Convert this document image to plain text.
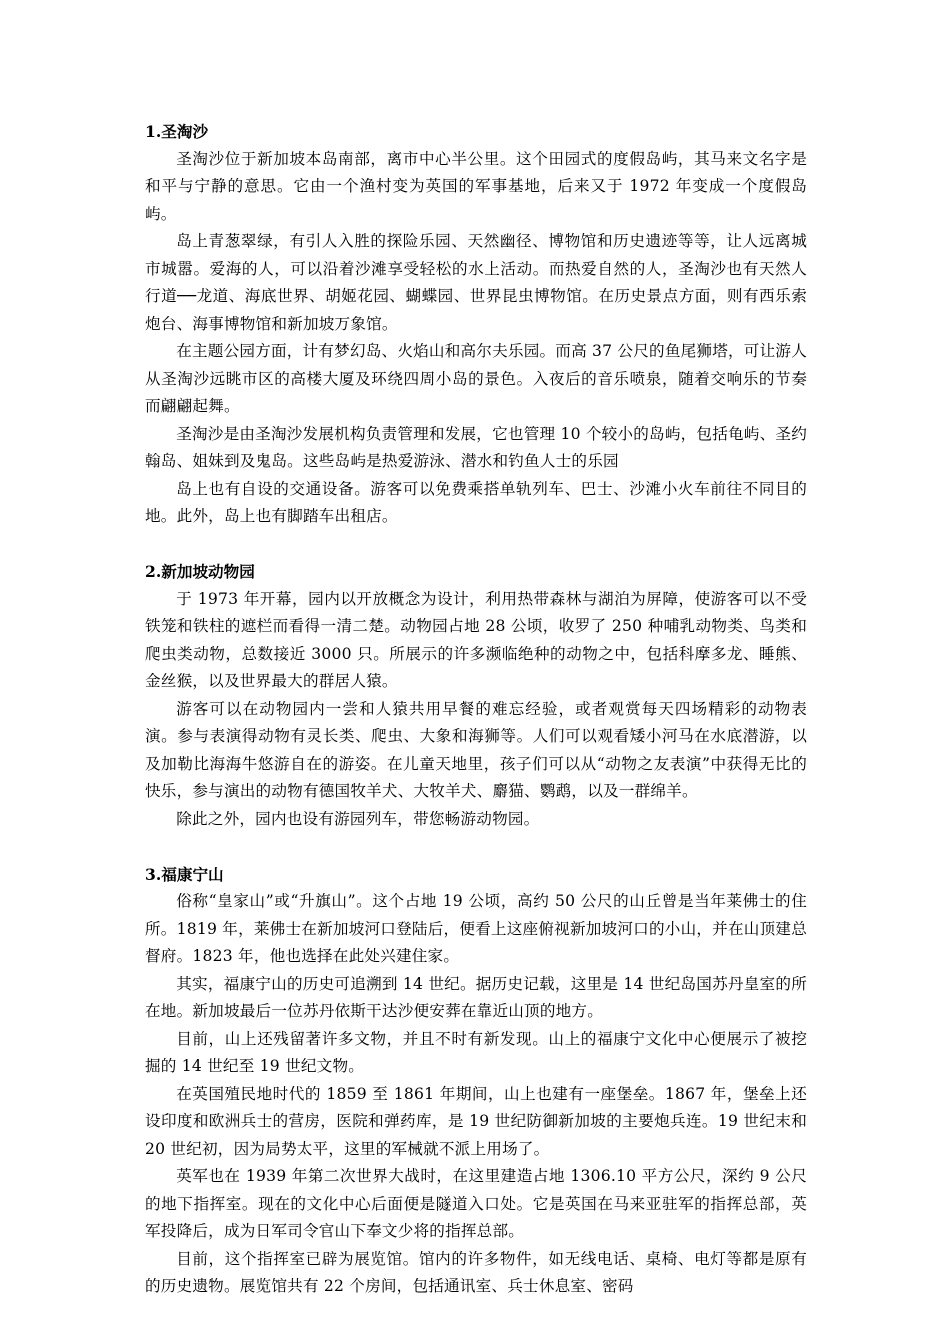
1.圣淘沙

圣淘沙位于新加坡本岛南部，离市中心半公里。这个田园式的度假岛屿，其马来文名字是和平与宁静的意思。它由一个渔村变为英国的军事基地，后来又于 1972 年变成一个度假岛屿。

岛上青葱翠绿，有引人入胜的探险乐园、天然幽径、博物馆和历史遗迹等等，让人远离城市城嚣。爱海的人，可以沿着沙滩享受轻松的水上活动。而热爱自然的人，圣淘沙也有天然人行道──龙道、海底世界、胡姬花园、蝴蝶园、世界昆虫博物馆。在历史景点方面，则有西乐索炮台、海事博物馆和新加坡万象馆。

在主题公园方面，计有梦幻岛、火焰山和高尔夫乐园。而高 37 公尺的鱼尾狮塔，可让游人从圣淘沙远眺市区的高楼大厦及环绕四周小岛的景色。入夜后的音乐喷泉，随着交响乐的节奏而翩翩起舞。

圣淘沙是由圣淘沙发展机构负责管理和发展，它也管理 10 个较小的岛屿，包括龟屿、圣约翰岛、姐妹到及鬼岛。这些岛屿是热爱游泳、潜水和钓鱼人士的乐园

岛上也有自设的交通设备。游客可以免费乘搭单轨列车、巴士、沙滩小火车前往不同目的地。此外，岛上也有脚踏车出租店。

2.新加坡动物园

于 1973 年开幕，园内以开放概念为设计，利用热带森林与湖泊为屏障，使游客可以不受铁笼和铁柱的遮栏而看得一清二楚。动物园占地 28 公顷，收罗了 250 种哺乳动物类、鸟类和爬虫类动物，总数接近 3000 只。所展示的许多濒临绝种的动物之中，包括科摩多龙、睡熊、金丝猴，以及世界最大的群居人猿。

游客可以在动物园内一尝和人猿共用早餐的难忘经验，或者观赏每天四场精彩的动物表演。参与表演得动物有灵长类、爬虫、大象和海狮等。人们可以观看矮小河马在水底潜游，以及加勒比海海牛悠游自在的游姿。在儿童天地里，孩子们可以从“动物之友表演”中获得无比的快乐，参与演出的动物有德国牧羊犬、大牧羊犬、麝猫、鹦鹉，以及一群绵羊。

除此之外，园内也设有游园列车，带您畅游动物园。

3.福康宁山

俗称“皇家山”或“升旗山”。这个占地 19 公顷，高约 50 公尺的山丘曾是当年莱佛士的住所。1819 年，莱佛士在新加坡河口登陆后，便看上这座俯视新加坡河口的小山，并在山顶建总督府。1823 年，他也选择在此处兴建住家。

其实，福康宁山的历史可追溯到 14 世纪。据历史记载，这里是 14 世纪岛国苏丹皇室的所在地。新加坡最后一位苏丹依斯干达沙便安葬在靠近山顶的地方。

目前，山上还残留著许多文物，并且不时有新发现。山上的福康宁文化中心便展示了被挖掘的 14 世纪至 19 世纪文物。

在英国殖民地时代的 1859 至 1861 年期间，山上也建有一座堡垒。1867 年，堡垒上还设印度和欧洲兵士的营房，医院和弹药库，是 19 世纪防御新加坡的主要炮兵连。19 世纪末和 20 世纪初，因为局势太平，这里的军械就不派上用场了。

英军也在 1939 年第二次世界大战时，在这里建造占地 1306.10 平方公尺，深约 9 公尺的地下指挥室。现在的文化中心后面便是隧道入口处。它是英国在马来亚驻军的指挥总部，英军投降后，成为日军司令官山下奉文少将的指挥总部。

目前，这个指挥室已辟为展览馆。馆内的许多物件，如无线电话、桌椅、电灯等都是原有的历史遗物。展览馆共有 22 个房间，包括通讯室、兵士休息室、密码
